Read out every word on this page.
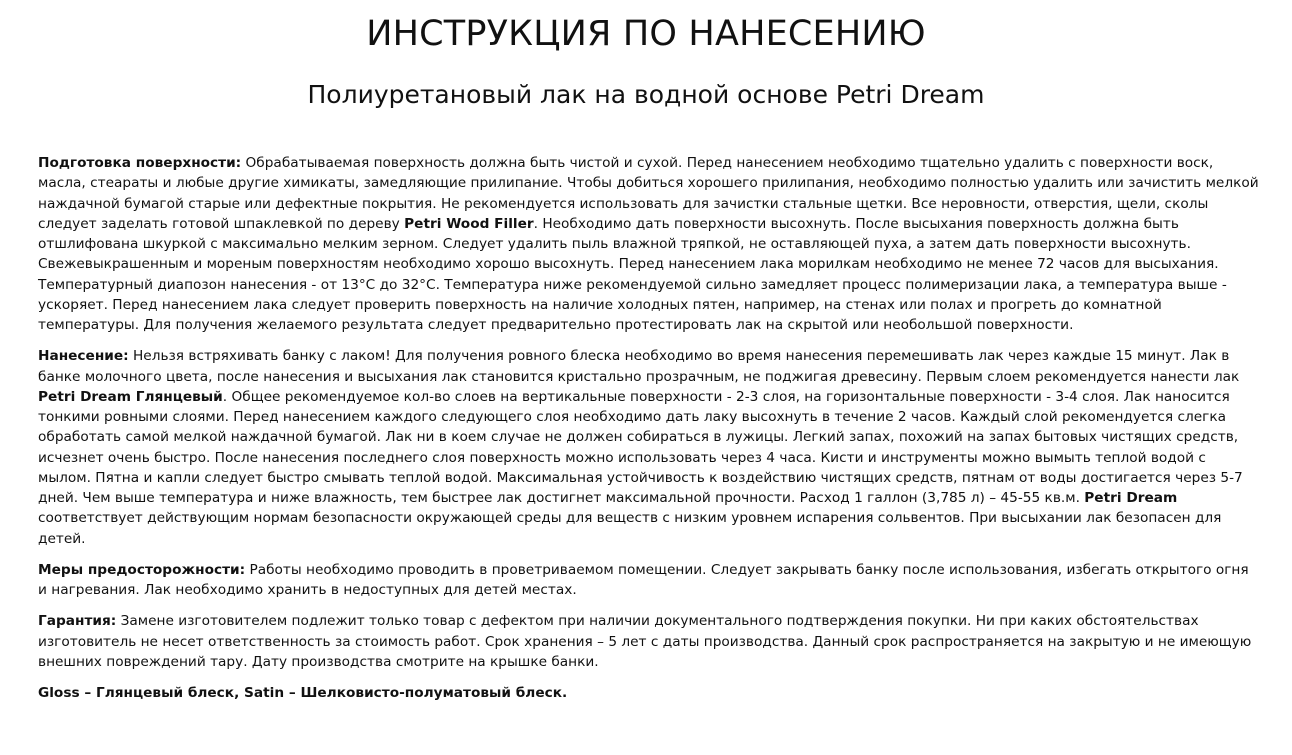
ИНСТРУКЦИЯ ПО НАНЕСЕНИЮ
Полиуретановый лак на водной основе Petri Dream

Подготовка поверхности: Обрабатываемая поверхность должна быть чистой и сухой. Перед нанесением необходимо тщательно удалить с поверхности воск, масла, стеараты и любые другие химикаты, замедляющие прилипание. Чтобы добиться хорошего прилипания, необходимо полностью удалить или зачистить мелкой наждачной бумагой старые или дефектные покрытия. Не рекомендуется использовать для зачистки стальные щетки. Все неровности, отверстия, щели, сколы следует заделать готовой шпаклевкой по дереву Petri Wood Filler. Необходимо дать поверхности высохнуть. После высыхания поверхность должна быть отшлифована шкуркой с максимально мелким зерном. Следует удалить пыль влажной тряпкой, не оставляющей пуха, а затем дать поверхности высохнуть. Свежевыкрашенным и мореным поверхностям необходимо хорошо высохнуть. Перед нанесением лака морилкам необходимо не менее 72 часов для высыхания. Температурный диапозон нанесения - от 13°C до 32°C. Температура ниже рекомендуемой сильно замедляет процесс полимеризации лака, а температура выше - ускоряет. Перед нанесением лака следует проверить поверхность на наличие холодных пятен, например, на стенах или полах и прогреть до комнатной температуры. Для получения желаемого результата следует предварительно протестировать лак на скрытой или необольшой поверхности.

Нанесение: Нельзя встряхивать банку с лаком! Для получения ровного блеска необходимо во время нанесения перемешивать лак через каждые 15 минут. Лак в банке молочного цвета, после нанесения и высыхания лак становится кристально прозрачным, не поджигая древесину. Первым слоем рекомендуется нанести лак Petri Dream Глянцевый. Общее рекомендуемое кол-во слоев на вертикальные поверхности - 2-3 слоя, на горизонтальные поверхности - 3-4 слоя. Лак наносится тонкими ровными слоями. Перед нанесением каждого следующего слоя необходимо дать лаку высохнуть в течение 2 часов. Каждый слой рекомендуется слегка обработать самой мелкой наждачной бумагой. Лак ни в коем случае не должен собираться в лужицы. Легкий запах, похожий на запах бытовых чистящих средств, исчезнет очень быстро. После нанесения последнего слоя поверхность можно использовать через 4 часа. Кисти и инструменты можно вымыть теплой водой с мылом. Пятна и капли следует быстро смывать теплой водой. Максимальная устойчивость к воздействию чистящих средств, пятнам от воды достигается через 5-7 дней. Чем выше температура и ниже влажность, тем быстрее лак достигнет максимальной прочности. Расход 1 галлон (3,785 л) – 45-55 кв.м. Petri Dream соответствует действующим нормам безопасности окружающей среды для веществ с низким уровнем испарения сольвентов. При высыхании лак безопасен для детей.

Меры предосторожности: Работы необходимо проводить в проветриваемом помещении. Следует закрывать банку после использования, избегать открытого огня и нагревания. Лак необходимо хранить в недоступных для детей местах.

Гарантия: Замене изготовителем подлежит только товар с дефектом при наличии документального подтверждения покупки. Ни при каких обстоятельствах изготовитель не несет ответственность за стоимость работ. Срок хранения – 5 лет с даты производства. Данный срок распространяется на закрытую и не имеющую внешних повреждений тару. Дату производства смотрите на крышке банки.

Gloss – Глянцевый блеск, Satin – Шелковисто-полуматовый блеск.
